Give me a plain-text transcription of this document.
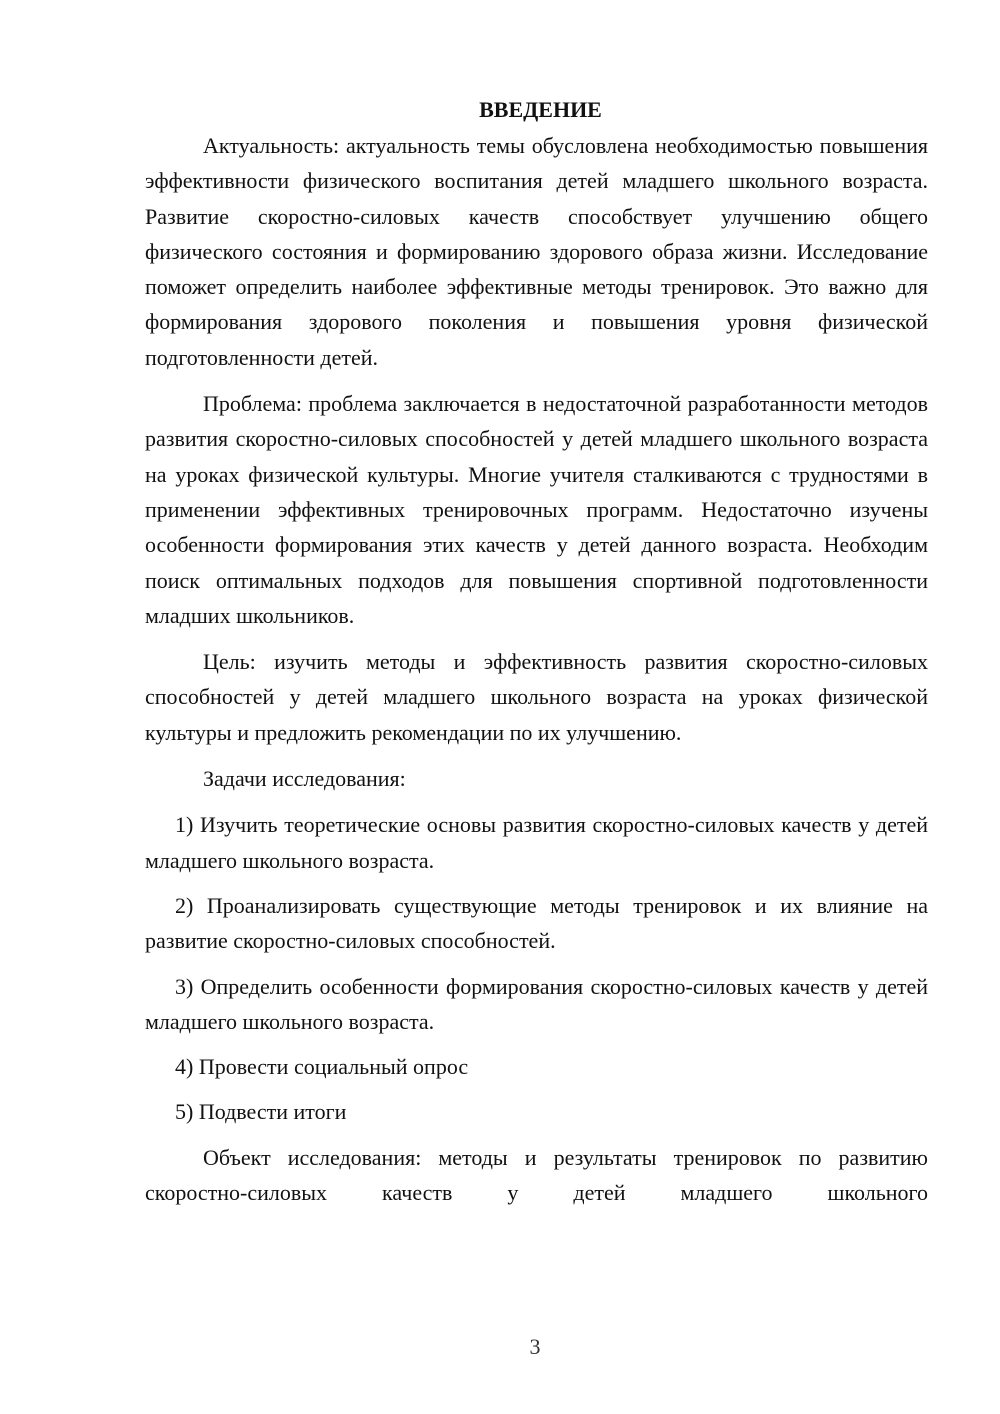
ВВЕДЕНИЕ

Актуальность: актуальность темы обусловлена необходимостью повышения эффективности физического воспитания детей младшего школьного возраста. Развитие скоростно-силовых качеств способствует улучшению общего физического состояния и формированию здорового образа жизни. Исследование поможет определить наиболее эффективные методы тренировок. Это важно для формирования здорового поколения и повышения уровня физической подготовленности детей.

Проблема: проблема заключается в недостаточной разработанности методов развития скоростно-силовых способностей у детей младшего школьного возраста на уроках физической культуры. Многие учителя сталкиваются с трудностями в применении эффективных тренировочных программ. Недостаточно изучены особенности формирования этих качеств у детей данного возраста. Необходим поиск оптимальных подходов для повышения спортивной подготовленности младших школьников.

Цель: изучить методы и эффективность развития скоростно-силовых способностей у детей младшего школьного возраста на уроках физической культуры и предложить рекомендации по их улучшению.

Задачи исследования:

1) Изучить теоретические основы развития скоростно-силовых качеств у детей младшего школьного возраста.

2) Проанализировать существующие методы тренировок и их влияние на развитие скоростно-силовых способностей.

3) Определить особенности формирования скоростно-силовых качеств у детей младшего школьного возраста.

4) Провести социальный опрос

5) Подвести итоги

Объект исследования: методы и результаты тренировок по развитию скоростно-силовых качеств у детей младшего школьного

3
